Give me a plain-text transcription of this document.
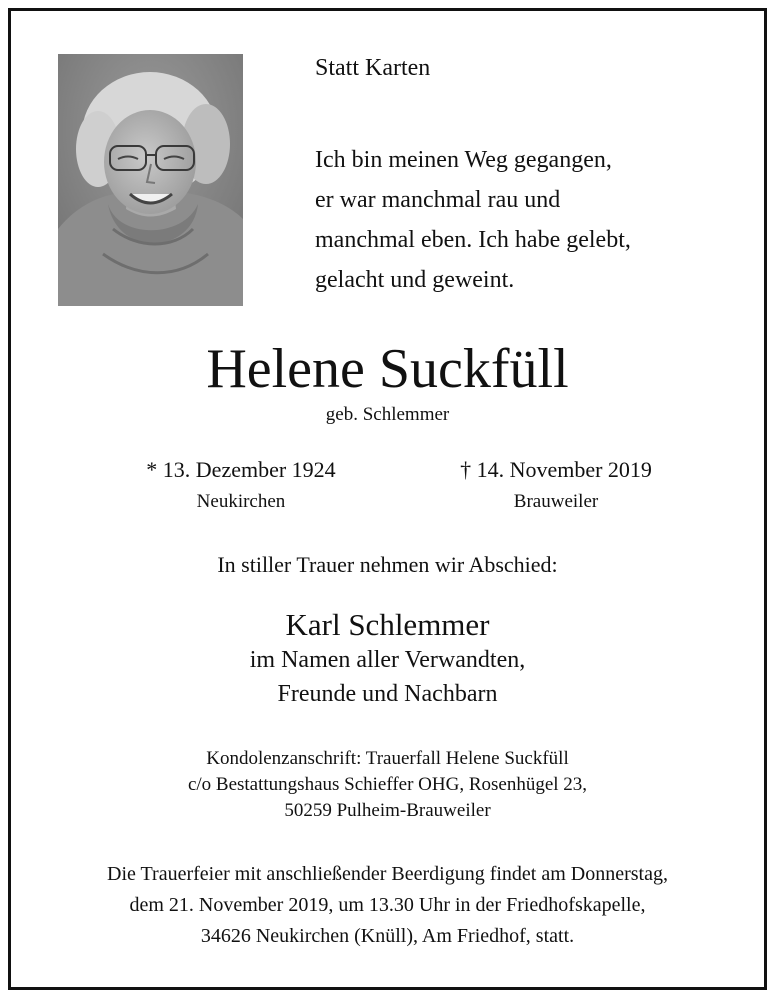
Statt Karten

Ich bin meinen Weg gegangen,
er war manchmal rau und
manchmal eben. Ich habe gelebt,
gelacht und geweint.
Helene Suckfüll

geb. Schlemmer

* 13. Dezember 1924
Neukirchen
† 14. November 2019
Brauweiler

In stiller Trauer nehmen wir Abschied:

Karl Schlemmer
im Namen aller Verwandten,
Freunde und Nachbarn
Kondolenzanschrift: Trauerfall Helene Suckfüll
c/o Bestattungshaus Schieffer OHG, Rosenhügel 23,
50259 Pulheim-Brauweiler
Die Trauerfeier mit anschließender Beerdigung findet am Donnerstag,
dem 21. November 2019, um 13.30 Uhr in der Friedhofskapelle,
34626 Neukirchen (Knüll), Am Friedhof, statt.
